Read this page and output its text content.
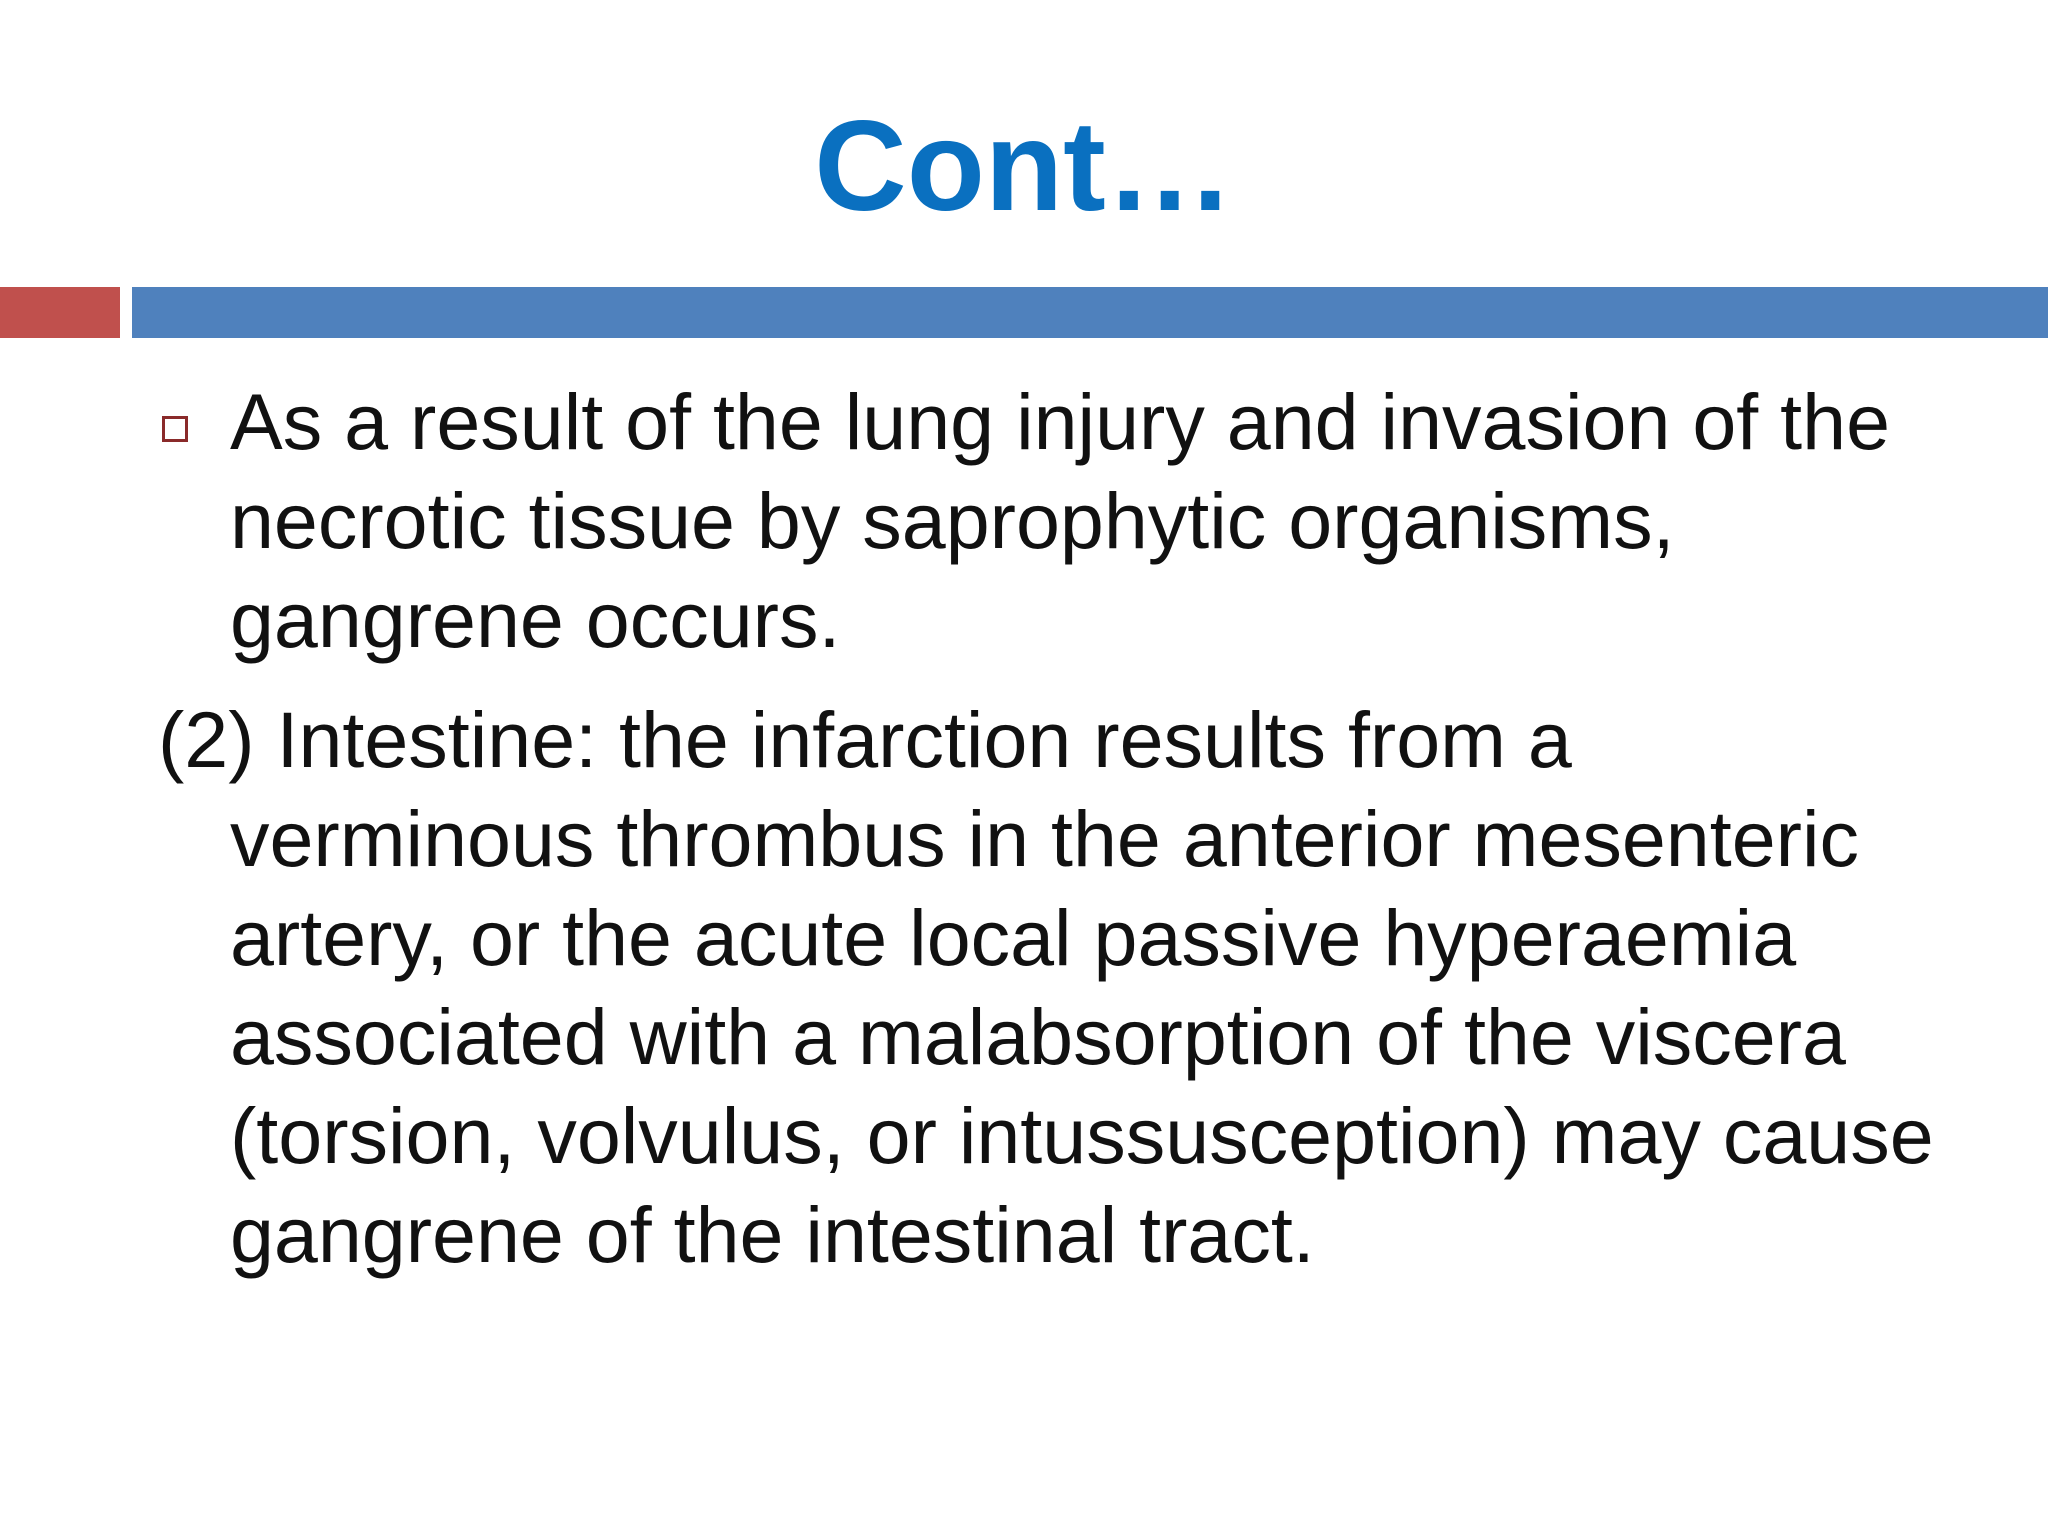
Cont…

As a result of the lung injury and invasion of the necrotic tissue by saprophytic organisms, gangrene occurs.

(2) Intestine: the infarction results from a verminous thrombus in the anterior mesenteric artery, or the acute local passive hyperaemia associated with a malabsorption of the viscera (torsion, volvulus, or intussusception) may cause gangrene of the intestinal tract.
